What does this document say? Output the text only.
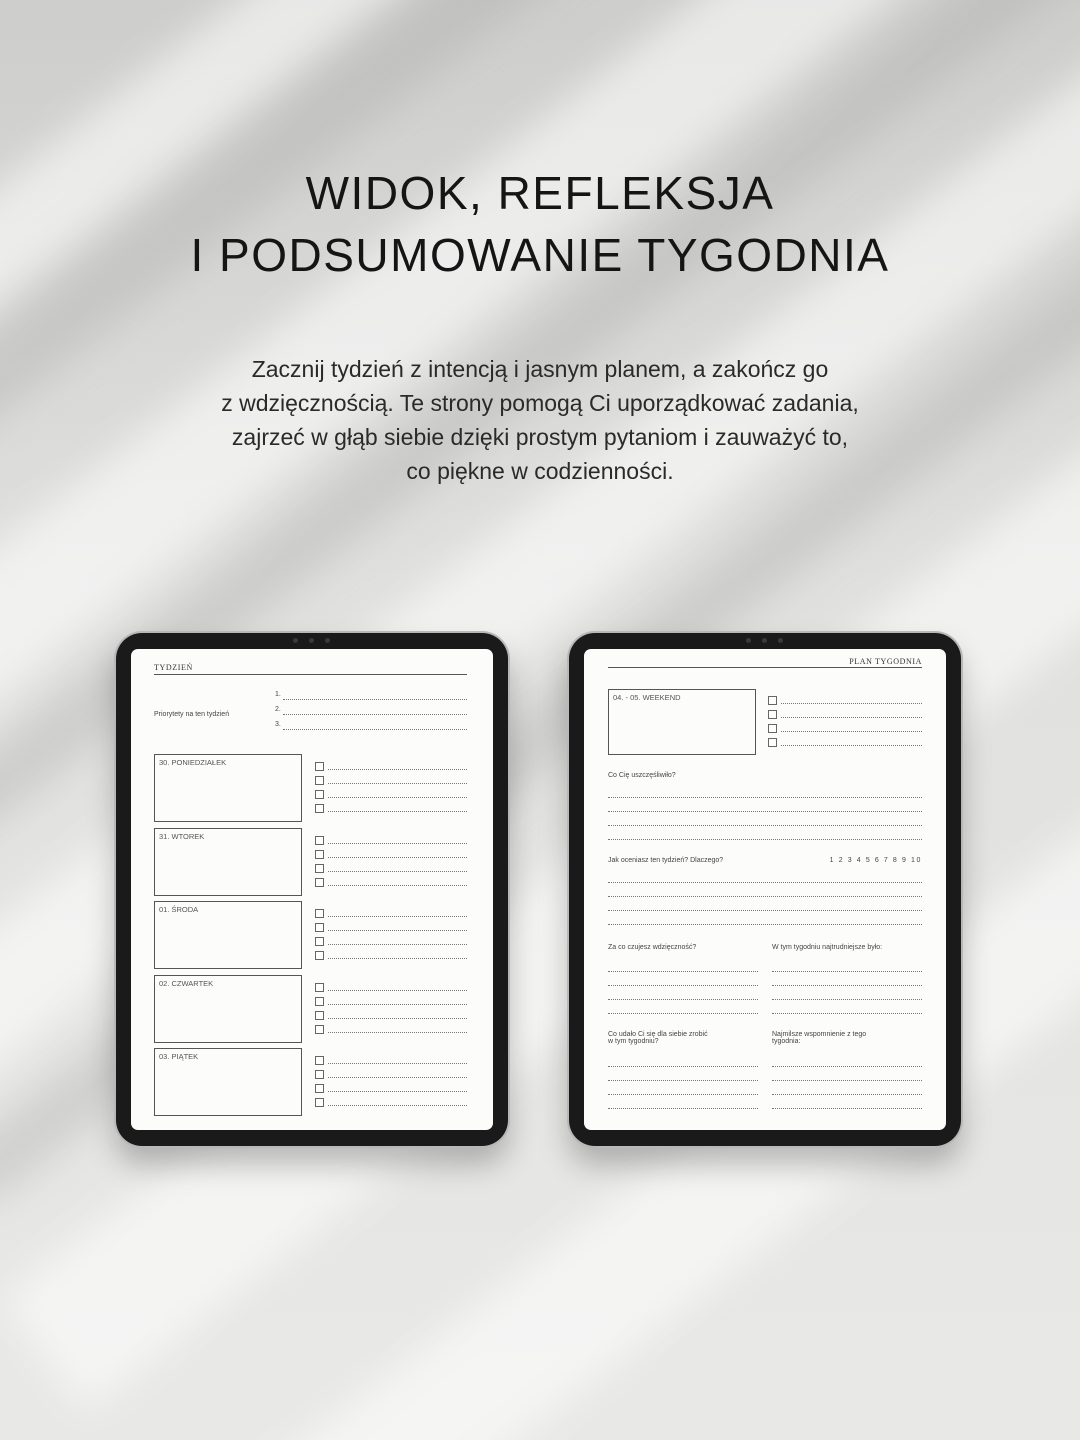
WIDOK, REFLEKSJA
I PODSUMOWANIE TYGODNIA
Zacznij tydzień z intencją i jasnym planem, a zakończ go
z wdzięcznością. Te strony pomogą Ci uporządkować zadania,
zajrzeć w głąb siebie dzięki prostym pytaniom i zauważyć to,
co piękne w codzienności.
TYDZIEŃ
Priorytety na ten tydzień
1.
2.
3.
30. PONIEDZIAŁEK
31. WTOREK
01. ŚRODA
02. CZWARTEK
03. PIĄTEK
PLAN TYGODNIA
04. - 05. WEEKEND
Co Cię uszczęśliwiło?
Jak oceniasz ten tydzień? Dlaczego?	1 2 3 4 5 6 7 8 9 10
Za co czujesz wdzięczność?	W tym tygodniu najtrudniejsze było:
Co udało Ci się dla siebie zrobić
w tym tygodniu?
Najmilsze wspomnienie z tego
tygodnia:
